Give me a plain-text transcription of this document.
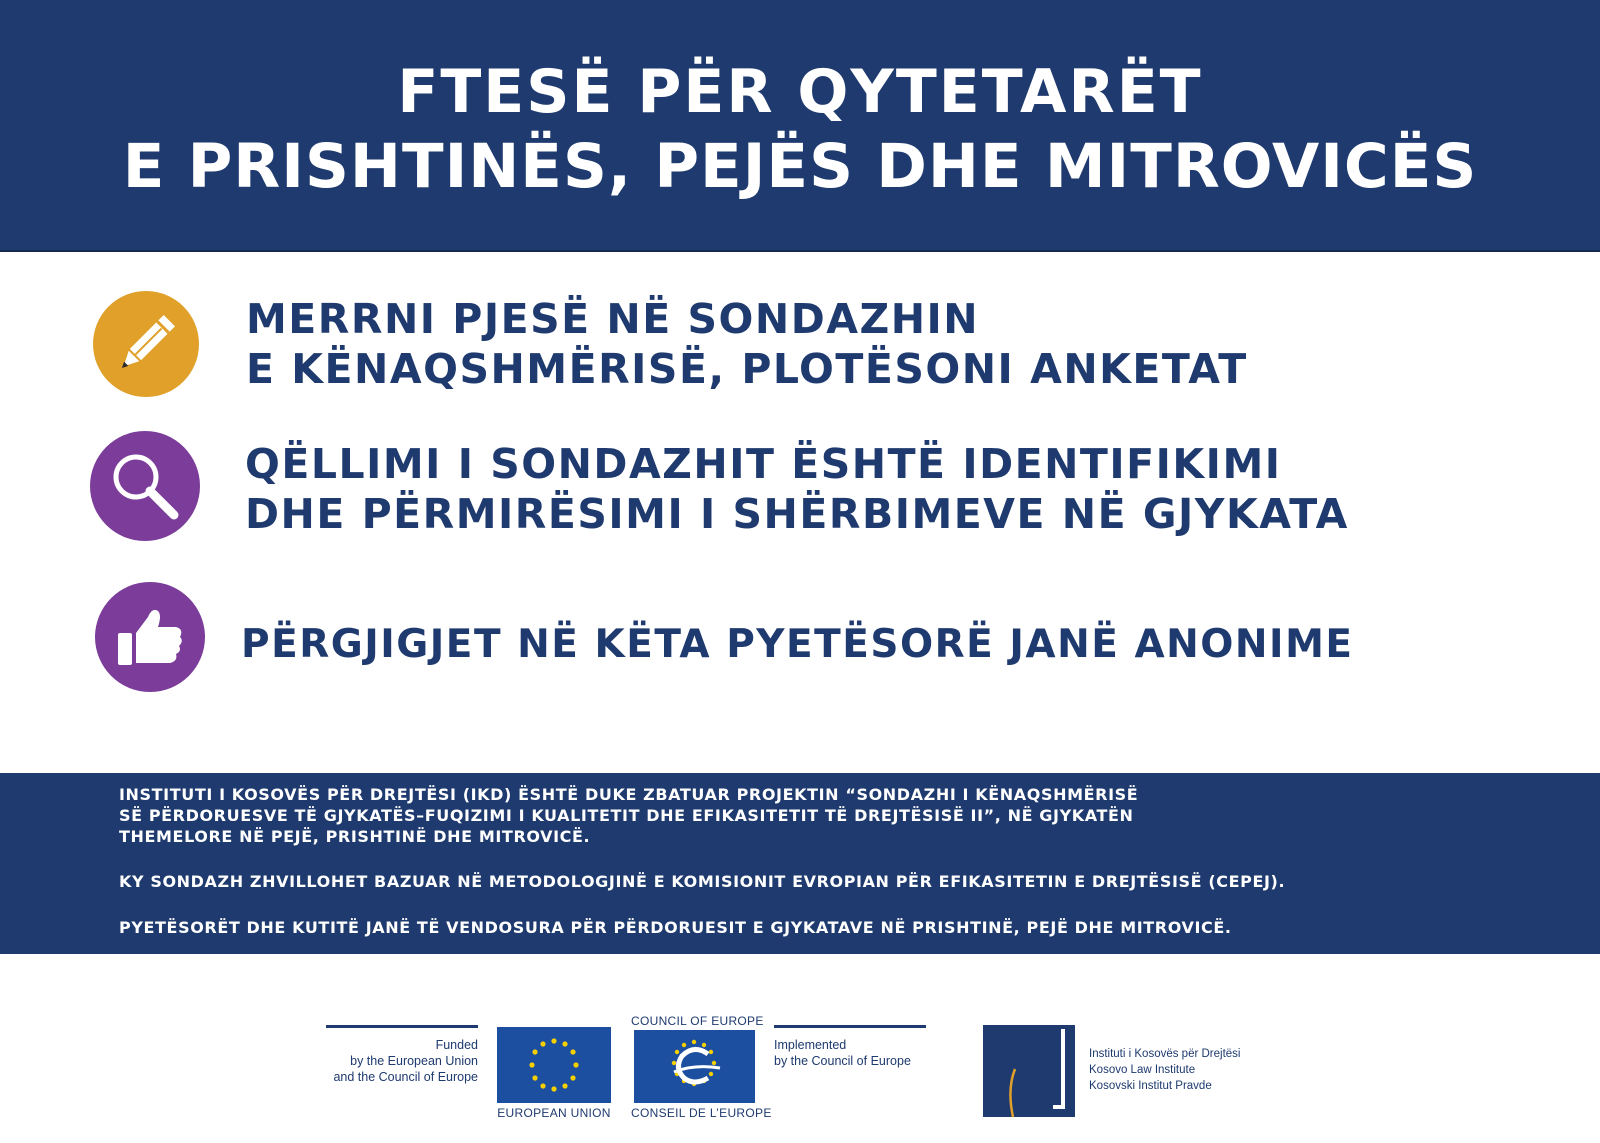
FTESË PËR QYTETARËT
E PRISHTINËS, PEJËS DHE MITROVICËS
MERRNI PJESË NË SONDAZHIN
E KËNAQSHMËRISË, PLOTËSONI ANKETAT
QËLLIMI I SONDAZHIT ËSHTË IDENTIFIKIMI
DHE PËRMIRËSIMI I SHËRBIMEVE NË GJYKATA
PËRGJIGJET NË KËTA PYETËSORË JANË ANONIME
INSTITUTI I KOSOVËS PËR DREJTËSI (IKD) ËSHTË DUKE ZBATUAR PROJEKTIN “SONDAZHI I KËNAQSHMËRISË
SË PËRDORUESVE TË GJYKATËS–FUQIZIMI I KUALITETIT DHE EFIKASITETIT TË DREJTËSISË II”, NË GJYKATËN
THEMELORE NË PEJË, PRISHTINË DHE MITROVICË.
KY SONDAZH ZHVILLOHET BAZUAR NË METODOLOGJINË E KOMISIONIT EVROPIAN PËR EFIKASITETIN E DREJTËSISË (CEPEJ).
PYETËSORËT DHE KUTITË JANË TË VENDOSURA PËR PËRDORUESIT E GJYKATAVE NË PRISHTINË, PEJË DHE MITROVICË.
Funded
by the European Union
and the Council of Europe
EUROPEAN UNION
COUNCIL OF EUROPE
CONSEIL DE L’EUROPE
Implemented
by the Council of Europe	Instituti i Kosovës për Drejtësi
Kosovo Law Institute
Kosovski Institut Pravde
